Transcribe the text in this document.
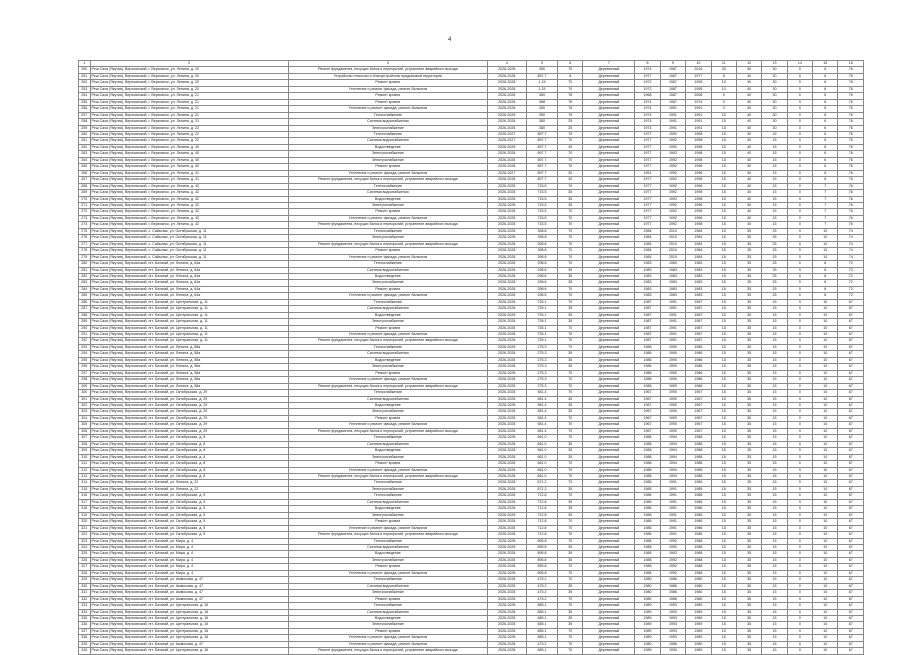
4
1	2	3	4	5	6	7	8	9	10	11	12	13	14	15	16
250	Реш Саха (Якутия), Верхоянский, г. Верхоянск, ул. Ленина, д. 20	Ремонт фундамента, несущих балок и перекрытий, устранение аварийного выхода	2026-2028	350	70	Деревянный	1974	1987	2014	30	40	30	0	6	76
251	Реш Саха (Якутия), Верхоянский, г. Верхоянск, ул. Ленина, д. 20	Устройство отмостки и благоустройство придомовой территории	2026-2028	897.7	8	Деревянный	1977	1987	1977	8	40	30	0	6	76
252	Реш Саха (Якутия), Верхоянский, г. Верхоянск, ул. Ленина, д. 20	Ремонт кровли	2026-2028	1.15	70	Деревянный	1972	1987	1995	10	40	30	0	6	76
253	Реш Саха (Якутия), Верхоянский, г. Верхоянск, ул. Ленина, д. 20	Утепление и ремонт фасада, ремонт балконов	2026-2028	1.15	70	Деревянный	1972	1987	1995	10	40	30	0	6	76
254	Реш Саха (Якутия), Верхоянский, г. Верхоянск, ул. Ленина, д. 21	Ремонт кровли	2026-2028	380	76	Деревянный	1968	1987	2008	0	40	30	0	6	76
255	Реш Саха (Якутия), Верхоянский, г. Верхоянск, ул. Ленина, д. 21	Ремонт кровли	2026-2028	388	76	Деревянный	1974	1987	1974	0	40	30	0	6	76
256	Реш Саха (Якутия), Верхоянский, г. Верхоянск, ул. Ленина, д. 21	Утепление и ремонт фасада, ремонт балконов	2026-2028	350	76	Деревянный	1974	1991	1991	0	40	30	0	6	76
257	Реш Саха (Якутия), Верхоянский, г. Верхоянск, ул. Ленина, д. 21	Теплоснабжение	2026-2028	350	76	Деревянный	1974	1991	1991	15	40	30	0	6	76
258	Реш Саха (Якутия), Верхоянский, г. Верхоянск, ул. Ленина, д. 21	Система водоснабжения	2026-2028	380	25	Деревянный	1974	1991	1991	15	40	30	0	6	76
259	Реш Саха (Якутия), Верхоянский, г. Верхоянск, ул. Ленина, д. 22	Электроснабжение	2026-2028	380	25	Деревянный	1974	1991	1991	15	40	30	0	6	76
260	Реш Саха (Якутия), Верхоянский, г. Верхоянск, ул. Ленина, д. 22	Теплоснабжение	2026-2027	897.7	70	Деревянный	1977	1992	1998	15	40	15	0	6	76
261	Реш Саха (Якутия), Верхоянский, г. Верхоянск, ул. Ленина, д. 22	Система водоснабжения	2026-2027	897.7	70	Деревянный	1977	1992	1998	15	40	15	0	6	76
262	Реш Саха (Якутия), Верхоянский, г. Верхоянск, ул. Ленина, д. 40	Водоотведение	2026-2028	897.7	45	Деревянный	1977	1992	1998	15	40	15	0	6	76
263	Реш Саха (Якутия), Верхоянский, г. Верхоянск, ул. Ленина, д. 40	Электроснабжение	2026-2028	897.7	70	Деревянный	1977	1992	1998	15	40	15	0	6	76
264	Реш Саха (Якутия), Верхоянский, г. Верхоянск, ул. Ленина, д. 40	Электроснабжение	2026-2028	897.7	70	Деревянный	1977	1992	1998	15	40	15	0	6	76
265	Реш Саха (Якутия), Верхоянский, г. Верхоянск, ул. Ленина, д. 40	Ремонт кровли	2026-2028	897.7	70	Деревянный	1977	1992	1998	15	40	15	0	6	76
266	Реш Саха (Якутия), Верхоянский, г. Верхоянск, ул. Ленина, д. 41	Утепление и ремонт фасада, ремонт балконов	2026-2027	897.7	30	Деревянный	1951	1992	1998	15	40	15	0	6	76
267	Реш Саха (Якутия), Верхоянский, г. Верхоянск, ул. Ленина, д. 41	Ремонт фундамента, несущих балок и перекрытий, устранение аварийного выхода	2026-2028	897.7	30	Деревянный	1977	1992	1998	15	40	15	0	6	76
268	Реш Саха (Якутия), Верхоянский, г. Верхоянск, ул. Ленина, д. 42	Теплоснабжение	2026-2028	715.5	70	Деревянный	1977	1992	1998	15	40	15	0	7	76
269	Реш Саха (Якутия), Верхоянский, г. Верхоянск, ул. Ленина, д. 42	Система водоснабжения	2026-2028	715.5	35	Деревянный	1977	1992	1998	15	40	15	0	7	76
270	Реш Саха (Якутия), Верхоянский, г. Верхоянск, ул. Ленина, д. 42	Водоотведение	2026-2028	715.5	35	Деревянный	1977	1992	1998	15	40	15	0	7	76
271	Реш Саха (Якутия), Верхоянский, г. Верхоянск, ул. Ленина, д. 42	Электроснабжение	2026-2028	715.5	35	Деревянный	1977	1992	1998	15	40	15	0	7	76
272	Реш Саха (Якутия), Верхоянский, г. Верхоянск, ул. Ленина, д. 42	Ремонт кровли	2026-2028	715.5	70	Деревянный	1977	1992	1998	15	40	15	0	7	76
273	Реш Саха (Якутия), Верхоянский, г. Верхоянск, ул. Ленина, д. 42	Утепление и ремонт фасада, ремонт балконов	2026-2028	715.5	70	Деревянный	1977	1992	1998	15	40	15	0	7	76
274	Реш Саха (Якутия), Верхоянский, г. Верхоянск, ул. Ленина, д. 42	Ремонт фундамента, несущих балок и перекрытий, устранение аварийного выхода	2026-2028	715.5	70	Деревянный	1977	1992	1998	15	40	15	0	7	76
275	Реш Саха (Якутия), Верхоянский, с. Сайылык, ул. Октябрьская, д. 11	Теплоснабжение	2026-2028	398.8	70	Деревянный	1984	2010	1984	15	35	25	0	10	74
276	Реш Саха (Якутия), Верхоянский, с. Сайылык, ул. Октябрьская, д. 11	Электроснабжение	2026-2028	398.8	70	Деревянный	1984	2010	1984	15	35	25	0	10	74
277	Реш Саха (Якутия), Верхоянский, с. Сайылык, ул. Октябрьская, д. 11	Ремонт фундамента, несущих балок и перекрытий, устранение аварийного выхода	2026-2028	398.8	70	Деревянный	1984	2010	1984	15	35	25	0	10	74
278	Реш Саха (Якутия), Верхоянский, с. Сайылык, ул. Октябрьская, д. 11	Ремонт кровли	2026-2028	398.8	70	Деревянный	1984	2010	1984	15	35	25	0	10	74
279	Реш Саха (Якутия), Верхоянский, с. Сайылык, ул. Октябрьская, д. 11	Утепление и ремонт фасада, ремонт балконов	2026-2028	398.8	70	Деревянный	1984	2010	1984	15	35	25	0	10	74
280	Реш Саха (Якутия), Верхоянский, пгт. Батагай, ул. Ленина, д. 64а	Теплоснабжение	2026-2028	298.6	70	Деревянный	1983	1983	1983	15	35	25	0	8	72
281	Реш Саха (Якутия), Верхоянский, пгт. Батагай, ул. Ленина, д. 64а	Система водоснабжения	2026-2028	298.6	35	Деревянный	1983	1983	1983	15	35	25	0	8	72
282	Реш Саха (Якутия), Верхоянский, пгт. Батагай, ул. Ленина, д. 64а	Водоотведение	2026-2028	298.6	35	Деревянный	1983	1983	1983	15	35	25	0	8	72
283	Реш Саха (Якутия), Верхоянский, пгт. Батагай, ул. Ленина, д. 64а	Электроснабжение	2026-2028	298.6	35	Деревянный	1983	1983	1983	15	35	25	0	8	72
284	Реш Саха (Якутия), Верхоянский, пгт. Батагай, ул. Ленина, д. 64а	Ремонт кровли	2026-2028	298.6	70	Деревянный	1983	1983	1983	15	35	25	0	8	72
285	Реш Саха (Якутия), Верхоянский, пгт. Батагай, ул. Ленина, д. 64а	Утепление и ремонт фасада, ремонт балконов	2026-2028	298.6	70	Деревянный	1983	1983	1983	15	35	25	0	8	72
286	Реш Саха (Якутия), Верхоянский, пгт. Батагай, ул. Центральная, д. 11	Теплоснабжение	2026-2028	726.1	70	Деревянный	1987	1991	1987	15	35	15	0	10	67
287	Реш Саха (Якутия), Верхоянский, пгт. Батагай, ул. Центральная, д. 11	Система водоснабжения	2026-2028	726.1	35	Деревянный	1987	1991	1987	15	35	15	0	10	67
288	Реш Саха (Якутия), Верхоянский, пгт. Батагай, ул. Центральная, д. 11	Водоотведение	2026-2028	726.1	35	Деревянный	1987	1991	1987	15	35	15	0	10	67
289	Реш Саха (Якутия), Верхоянский, пгт. Батагай, ул. Центральная, д. 11	Электроснабжение	2026-2028	726.1	35	Деревянный	1987	1991	1987	15	35	15	0	10	67
290	Реш Саха (Якутия), Верхоянский, пгт. Батагай, ул. Центральная, д. 11	Ремонт кровли	2026-2028	726.1	70	Деревянный	1987	1991	1987	15	35	15	0	10	67
291	Реш Саха (Якутия), Верхоянский, пгт. Батагай, ул. Центральная, д. 11	Утепление и ремонт фасада, ремонт балконов	2026-2028	726.1	70	Деревянный	1987	1991	1987	15	35	15	0	10	67
292	Реш Саха (Якутия), Верхоянский, пгт. Батагай, ул. Центральная, д. 11	Ремонт фундамента, несущих балок и перекрытий, устранение аварийного выхода	2026-2028	726.1	70	Деревянный	1987	1991	1987	15	35	15	0	10	67
293	Реш Саха (Якутия), Верхоянский, пгт. Батагай, ул. Ленина, д. 58а	Теплоснабжение	2026-2028	275.3	70	Деревянный	1986	1990	1986	15	35	15	0	10	67
294	Реш Саха (Якутия), Верхоянский, пгт. Батагай, ул. Ленина, д. 58а	Система водоснабжения	2026-2028	275.3	35	Деревянный	1986	1990	1986	15	35	15	0	10	67
295	Реш Саха (Якутия), Верхоянский, пгт. Батагай, ул. Ленина, д. 58а	Водоотведение	2026-2028	275.3	35	Деревянный	1986	1990	1986	15	35	15	0	10	67
296	Реш Саха (Якутия), Верхоянский, пгт. Батагай, ул. Ленина, д. 58а	Электроснабжение	2026-2028	275.3	35	Деревянный	1986	1990	1986	15	35	15	0	10	67
297	Реш Саха (Якутия), Верхоянский, пгт. Батагай, ул. Ленина, д. 58а	Ремонт кровли	2026-2028	275.3	70	Деревянный	1986	1990	1986	15	35	15	0	10	67
298	Реш Саха (Якутия), Верхоянский, пгт. Батагай, ул. Ленина, д. 58а	Утепление и ремонт фасада, ремонт балконов	2026-2028	275.3	70	Деревянный	1986	1990	1986	15	35	15	0	10	67
299	Реш Саха (Якутия), Верхоянский, пгт. Батагай, ул. Ленина, д. 58а	Ремонт фундамента, несущих балок и перекрытий, устранение аварийного выхода	2026-2028	275.3	70	Деревянный	1986	1990	1986	15	35	15	0	10	67
300	Реш Саха (Якутия), Верхоянский, пгт. Батагай, ул. Октябрьская, д. 29	Теплоснабжение	2026-2028	581.4	70	Деревянный	1967	1990	1967	15	35	15	0	10	67
301	Реш Саха (Якутия), Верхоянский, пгт. Батагай, ул. Октябрьская, д. 29	Система водоснабжения	2026-2028	581.4	35	Деревянный	1967	1990	1967	15	35	15	0	10	67
302	Реш Саха (Якутия), Верхоянский, пгт. Батагай, ул. Октябрьская, д. 29	Водоотведение	2026-2028	581.4	35	Деревянный	1967	1990	1967	15	35	15	0	10	67
303	Реш Саха (Якутия), Верхоянский, пгт. Батагай, ул. Октябрьская, д. 29	Электроснабжение	2026-2028	581.4	35	Деревянный	1967	1990	1967	15	35	15	0	10	67
304	Реш Саха (Якутия), Верхоянский, пгт. Батагай, ул. Октябрьская, д. 29	Ремонт кровли	2026-2028	581.4	70	Деревянный	1967	1990	1967	15	35	15	0	10	67
305	Реш Саха (Якутия), Верхоянский, пгт. Батагай, ул. Октябрьская, д. 29	Утепление и ремонт фасада, ремонт балконов	2026-2028	581.4	70	Деревянный	1967	1990	1967	15	35	15	0	10	67
306	Реш Саха (Якутия), Верхоянский, пгт. Батагай, ул. Октябрьская, д. 29	Ремонт фундамента, несущих балок и перекрытий, устранение аварийного выхода	2026-2028	581.4	70	Деревянный	1967	1990	1967	15	35	15	0	10	67
307	Реш Саха (Якутия), Верхоянский, пгт. Батагай, ул. Октябрьская, д. 8	Теплоснабжение	2026-2028	661.0	70	Деревянный	1988	1994	1988	15	35	15	0	10	67
308	Реш Саха (Якутия), Верхоянский, пгт. Батагай, ул. Октябрьская, д. 8	Система водоснабжения	2026-2028	661.0	35	Деревянный	1988	1994	1988	15	35	15	0	10	67
309	Реш Саха (Якутия), Верхоянский, пгт. Батагай, ул. Октябрьская, д. 8	Водоотведение	2026-2028	661.0	35	Деревянный	1988	1994	1988	15	35	15	0	10	67
310	Реш Саха (Якутия), Верхоянский, пгт. Батагай, ул. Октябрьская, д. 8	Электроснабжение	2026-2028	661.0	35	Деревянный	1988	1994	1988	15	35	15	0	10	67
311	Реш Саха (Якутия), Верхоянский, пгт. Батагай, ул. Октябрьская, д. 8	Ремонт кровли	2026-2028	661.0	70	Деревянный	1988	1994	1988	15	35	15	0	10	67
312	Реш Саха (Якутия), Верхоянский, пгт. Батагай, ул. Октябрьская, д. 8	Утепление и ремонт фасада, ремонт балконов	2026-2028	661.0	70	Деревянный	1988	1994	1988	15	35	15	0	10	67
313	Реш Саха (Якутия), Верхоянский, пгт. Батагай, ул. Октябрьская, д. 8	Ремонт фундамента, несущих балок и перекрытий, устранение аварийного выхода	2026-2028	661.0	70	Деревянный	1988	1994	1988	15	35	15	0	10	67
314	Реш Саха (Якутия), Верхоянский, пгт. Батагай, ул. Ленина, д. 22	Теплоснабжение	2026-2028	671.2	70	Деревянный	1985	1991	1985	15	35	15	0	10	67
315	Реш Саха (Якутия), Верхоянский, пгт. Батагай, ул. Ленина, д. 22	Электроснабжение	2026-2028	671.2	35	Деревянный	1985	1991	1985	15	35	15	0	10	67
316	Реш Саха (Якутия), Верхоянский, пгт. Батагай, ул. Октябрьская, д. 5	Теплоснабжение	2026-2028	712.8	70	Деревянный	1986	1991	1986	15	35	15	0	10	67
317	Реш Саха (Якутия), Верхоянский, пгт. Батагай, ул. Октябрьская, д. 5	Система водоснабжения	2026-2028	712.8	35	Деревянный	1986	1991	1986	15	35	15	0	10	67
318	Реш Саха (Якутия), Верхоянский, пгт. Батагай, ул. Октябрьская, д. 5	Водоотведение	2026-2028	712.8	35	Деревянный	1986	1991	1986	15	35	15	0	10	67
319	Реш Саха (Якутия), Верхоянский, пгт. Батагай, ул. Октябрьская, д. 5	Электроснабжение	2026-2028	712.8	35	Деревянный	1986	1991	1986	15	35	15	0	10	67
320	Реш Саха (Якутия), Верхоянский, пгт. Батагай, ул. Октябрьская, д. 5	Ремонт кровли	2026-2028	712.8	70	Деревянный	1986	1991	1986	15	35	15	0	10	67
321	Реш Саха (Якутия), Верхоянский, пгт. Батагай, ул. Октябрьская, д. 5	Утепление и ремонт фасада, ремонт балконов	2026-2028	712.8	70	Деревянный	1986	1991	1986	15	35	15	0	10	67
322	Реш Саха (Якутия), Верхоянский, пгт. Батагай, ул. Октябрьская, д. 5	Ремонт фундамента, несущих балок и перекрытий, устранение аварийного выхода	2026-2028	712.8	70	Деревянный	1986	1991	1986	15	35	15	0	10	67
323	Реш Саха (Якутия), Верхоянский, пгт. Батагай, ул. Мира, д. 4	Теплоснабжение	2026-2028	895.8	70	Деревянный	1988	1992	1988	15	35	15	0	10	67
324	Реш Саха (Якутия), Верхоянский, пгт. Батагай, ул. Мира, д. 4	Система водоснабжения	2026-2028	895.8	35	Деревянный	1988	1992	1988	15	35	15	0	10	67
325	Реш Саха (Якутия), Верхоянский, пгт. Батагай, ул. Мира, д. 4	Водоотведение	2026-2028	895.8	35	Деревянный	1988	1992	1988	15	35	15	0	10	67
326	Реш Саха (Якутия), Верхоянский, пгт. Батагай, ул. Мира, д. 4	Электроснабжение	2026-2028	895.8	35	Деревянный	1988	1992	1988	15	35	15	0	10	67
327	Реш Саха (Якутия), Верхоянский, пгт. Батагай, ул. Мира, д. 4	Ремонт кровли	2026-2028	895.8	70	Деревянный	1988	1992	1988	15	35	15	0	10	67
328	Реш Саха (Якутия), Верхоянский, пгт. Батагай, ул. Мира, д. 4	Утепление и ремонт фасада, ремонт балконов	2026-2028	895.8	70	Деревянный	1988	1992	1988	15	35	15	0	10	67
329	Реш Саха (Якутия), Верхоянский, пгт. Батагай, ул. Аммосова, д. 47	Теплоснабжение	2026-2028	475.2	70	Деревянный	1980	1986	1980	15	35	15	0	10	67
330	Реш Саха (Якутия), Верхоянский, пгт. Батагай, ул. Аммосова, д. 47	Система водоснабжения	2026-2028	475.2	35	Деревянный	1980	1986	1980	15	35	15	0	10	67
331	Реш Саха (Якутия), Верхоянский, пгт. Батагай, ул. Аммосова, д. 47	Электроснабжение	2026-2028	475.2	35	Деревянный	1980	1986	1980	15	35	15	0	10	67
332	Реш Саха (Якутия), Верхоянский, пгт. Батагай, ул. Аммосова, д. 47	Ремонт кровли	2026-2028	475.2	70	Деревянный	1980	1986	1980	15	35	15	0	10	67
333	Реш Саха (Якутия), Верхоянский, пгт. Батагай, ул. Центральная, д. 16	Теплоснабжение	2026-2028	685.1	70	Деревянный	1989	1993	1989	15	35	15	0	10	67
334	Реш Саха (Якутия), Верхоянский, пгт. Батагай, ул. Центральная, д. 16	Система водоснабжения	2026-2028	685.1	35	Деревянный	1989	1993	1989	15	35	15	0	10	67
335	Реш Саха (Якутия), Верхоянский, пгт. Батагай, ул. Центральная, д. 16	Водоотведение	2026-2028	685.1	35	Деревянный	1989	1993	1989	15	35	15	0	10	67
336	Реш Саха (Якутия), Верхоянский, пгт. Батагай, ул. Центральная, д. 16	Электроснабжение	2026-2028	685.1	35	Деревянный	1989	1993	1989	15	35	15	0	10	67
337	Реш Саха (Якутия), Верхоянский, пгт. Батагай, ул. Центральная, д. 16	Ремонт кровли	2026-2028	685.1	70	Деревянный	1989	1993	1989	15	35	15	0	10	67
338	Реш Саха (Якутия), Верхоянский, пгт. Батагай, ул. Центральная, д. 16	Утепление и ремонт фасада, ремонт балконов	2026-2028	685.1	70	Деревянный	1989	1993	1989	15	35	15	0	10	67
339	Реш Саха (Якутия), Верхоянский, пгт. Батагай, ул. Аммосова, д. 47	Утепление и ремонт фасада, ремонт балконов	2026-2028	475.2	70	Деревянный	1980	1986	1980	15	35	15	0	10	67
340	Реш Саха (Якутия), Верхоянский, пгт. Батагай, ул. Центральная, д. 16	Ремонт фундамента, несущих балок и перекрытий, устранение аварийного выхода	2026-2028	685.1	70	Деревянный	1989	1993	1989	15	35	15	0	10	67
